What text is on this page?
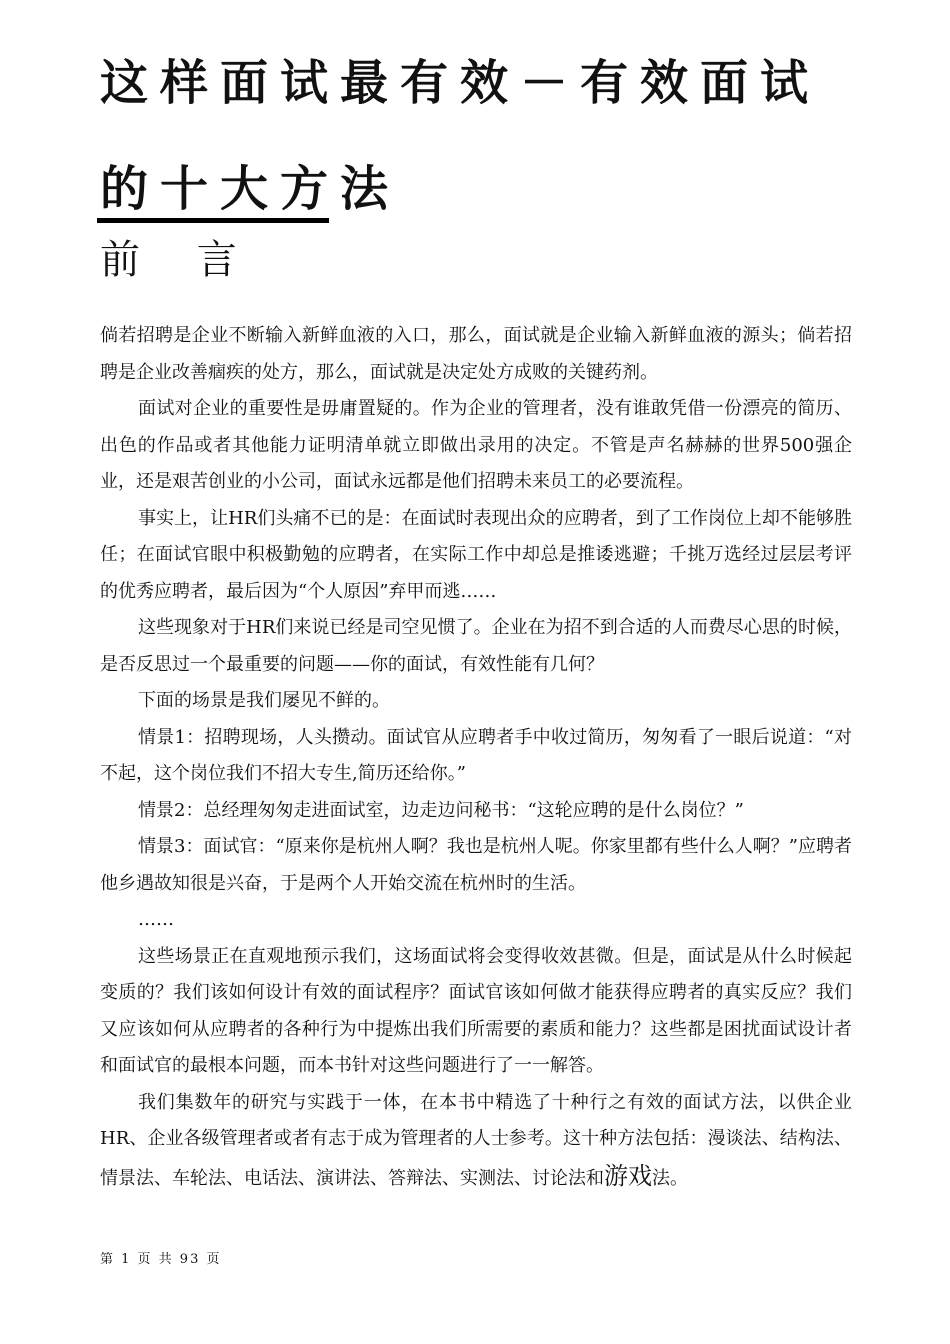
这样面试最有效－有效面试的十大方法
前 言

倘若招聘是企业不断输入新鲜血液的入口，那么，面试就是企业输入新鲜血液的源头；倘若招聘是企业改善痼疾的处方，那么，面试就是决定处方成败的关键药剂。

面试对企业的重要性是毋庸置疑的。作为企业的管理者，没有谁敢凭借一份漂亮的简历、出色的作品或者其他能力证明清单就立即做出录用的决定。不管是声名赫赫的世界500强企业，还是艰苦创业的小公司，面试永远都是他们招聘未来员工的必要流程。

事实上，让HR们头痛不已的是：在面试时表现出众的应聘者，到了工作岗位上却不能够胜任；在面试官眼中积极勤勉的应聘者，在实际工作中却总是推诿逃避；千挑万选经过层层考评的优秀应聘者，最后因为“个人原因”弃甲而逃……

这些现象对于HR们来说已经是司空见惯了。企业在为招不到合适的人而费尽心思的时候，是否反思过一个最重要的问题——你的面试，有效性能有几何？

下面的场景是我们屡见不鲜的。

情景1：招聘现场，人头攒动。面试官从应聘者手中收过简历，匆匆看了一眼后说道：“对不起，这个岗位我们不招大专生,简历还给你。”

情景2：总经理匆匆走进面试室，边走边问秘书：“这轮应聘的是什么岗位？”

情景3：面试官：“原来你是杭州人啊？我也是杭州人呢。你家里都有些什么人啊？”应聘者他乡遇故知很是兴奋，于是两个人开始交流在杭州时的生活。

……

这些场景正在直观地预示我们，这场面试将会变得收效甚微。但是，面试是从什么时候起变质的？我们该如何设计有效的面试程序？面试官该如何做才能获得应聘者的真实反应？我们又应该如何从应聘者的各种行为中提炼出我们所需要的素质和能力？这些都是困扰面试设计者和面试官的最根本问题，而本书针对这些问题进行了一一解答。

我们集数年的研究与实践于一体，在本书中精选了十种行之有效的面试方法，以供企业HR、企业各级管理者或者有志于成为管理者的人士参考。这十种方法包括：漫谈法、结构法、情景法、车轮法、电话法、演讲法、答辩法、实测法、讨论法和游戏法。

第 1 页 共 93 页
